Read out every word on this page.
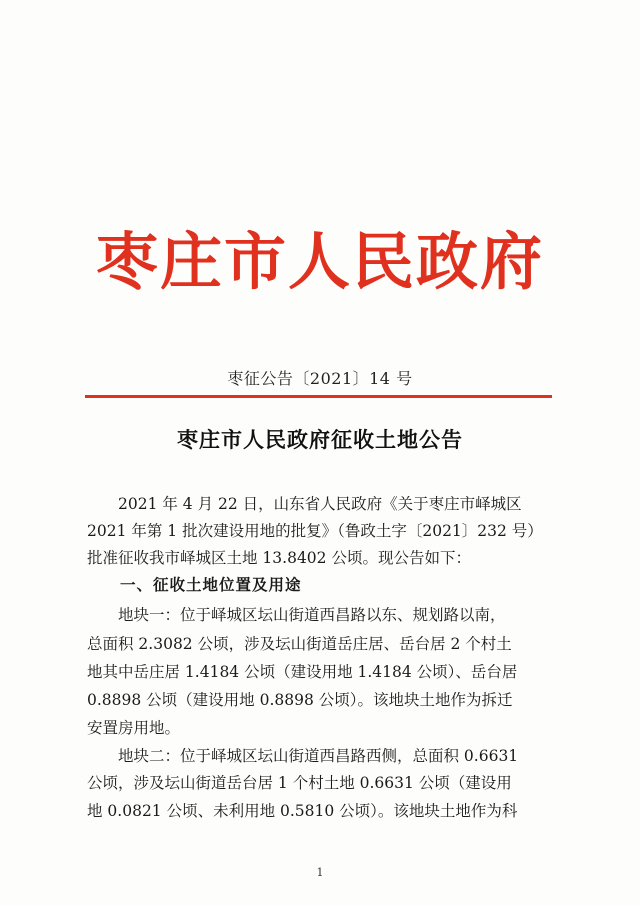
枣庄市人民政府
枣征公告〔2021〕14 号
枣庄市人民政府征收土地公告
　　2021 年 4 月 22 日，山东省人民政府《关于枣庄市峄城区
2021 年第 1 批次建设用地的批复》（鲁政土字〔2021〕232 号）
批准征收我市峄城区土地 13.8402 公顷。现公告如下：
　　一、征收土地位置及用途
　　地块一：位于峄城区坛山街道西昌路以东、规划路以南，
总面积 2.3082 公顷，涉及坛山街道岳庄居、岳台居 2 个村土
地其中岳庄居 1.4184 公顷（建设用地 1.4184 公顷）、岳台居
0.8898 公顷（建设用地 0.8898 公顷）。该地块土地作为拆迁
安置房用地。
　　地块二：位于峄城区坛山街道西昌路西侧，总面积 0.6631
公顷，涉及坛山街道岳台居 1 个村土地 0.6631 公顷（建设用
地 0.0821 公顷、未利用地 0.5810 公顷）。该地块土地作为科
1
